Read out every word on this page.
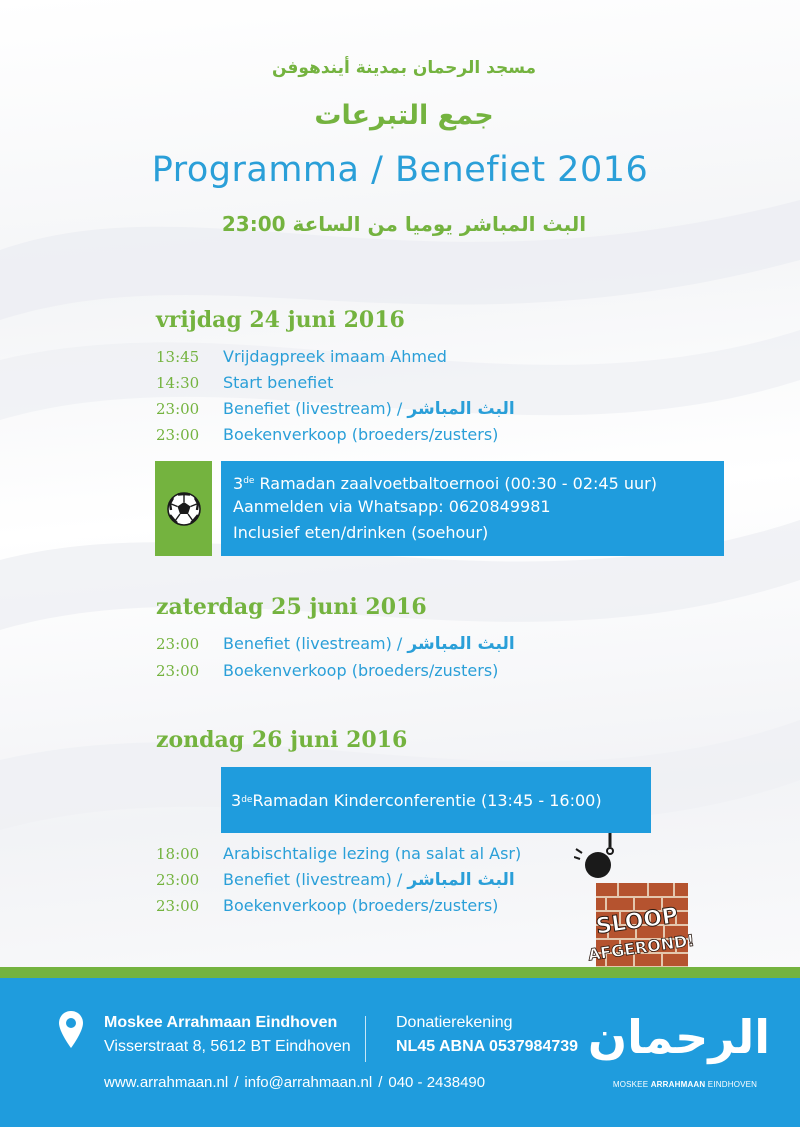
مسجد الرحمان بمدينة أيندهوفن
جمع التبرعات
Programma / Benefiet 2016
البث المباشر يوميا من الساعة 23:00
vrijdag 24 juni 2016
13:45 Vrijdagpreek imaam Ahmed
14:30 Start benefiet
23:00 Benefiet (livestream) / البث المباشر
23:00 Boekenverkoop (broeders/zusters)
3de Ramadan zaalvoetbaltoernooi (00:30 - 02:45 uur)
Aanmelden via Whatsapp: 0620849981
Inclusief eten/drinken (soehour)
zaterdag 25 juni 2016
23:00 Benefiet (livestream) / البث المباشر
23:00 Boekenverkoop (broeders/zusters)
zondag 26 juni 2016
3 de Ramadan Kinderconferentie (13:45 - 16:00)
18:00 Arabischtalige lezing (na salat al Asr)
23:00 Benefiet (livestream) / البث المباشر
23:00 Boekenverkoop (broeders/zusters)	SLOOP
AFGEROND!
Moskee Arrahmaan Eindhoven
Visserstraat 8, 5612 BT Eindhoven
Donatierekening
NL45 ABNA 0537984739
www.arrahmaan.nl / info@arrahmaan.nl / 040 - 2438490
الرحمان
MOSKEE ARRAHMAAN EINDHOVEN
